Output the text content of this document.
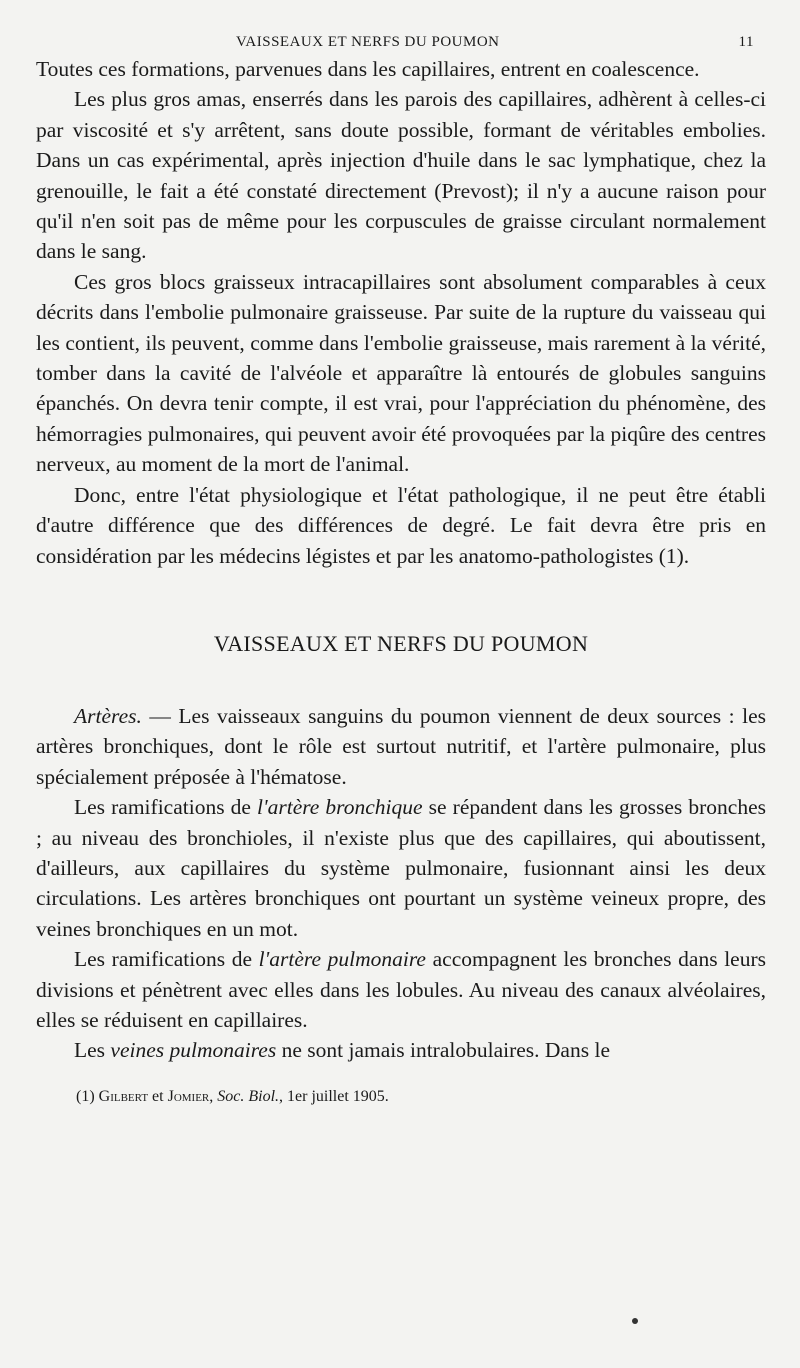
VAISSEAUX ET NERFS DU POUMON	11

Toutes ces formations, parvenues dans les capillaires, entrent en coalescence.

Les plus gros amas, enserrés dans les parois des capillaires, adhèrent à celles-ci par viscosité et s'y arrêtent, sans doute possible, formant de véritables embolies. Dans un cas expérimental, après injection d'huile dans le sac lymphatique, chez la grenouille, le fait a été constaté directement (Prevost); il n'y a aucune raison pour qu'il n'en soit pas de même pour les corpuscules de graisse circulant normalement dans le sang.

Ces gros blocs graisseux intracapillaires sont absolument comparables à ceux décrits dans l'embolie pulmonaire graisseuse. Par suite de la rupture du vaisseau qui les contient, ils peuvent, comme dans l'embolie graisseuse, mais rarement à la vérité, tomber dans la cavité de l'alvéole et apparaître là entourés de globules sanguins épanchés. On devra tenir compte, il est vrai, pour l'appréciation du phénomène, des hémorragies pulmonaires, qui peuvent avoir été provoquées par la piqûre des centres nerveux, au moment de la mort de l'animal.

Donc, entre l'état physiologique et l'état pathologique, il ne peut être établi d'autre différence que des différences de degré. Le fait devra être pris en considération par les médecins légistes et par les anatomo-pathologistes (1).

VAISSEAUX ET NERFS DU POUMON

Artères. — Les vaisseaux sanguins du poumon viennent de deux sources : les artères bronchiques, dont le rôle est surtout nutritif, et l'artère pulmonaire, plus spécialement préposée à l'hématose.

Les ramifications de l'artère bronchique se répandent dans les grosses bronches ; au niveau des bronchioles, il n'existe plus que des capillaires, qui aboutissent, d'ailleurs, aux capillaires du système pulmonaire, fusionnant ainsi les deux circulations. Les artères bronchiques ont pourtant un système veineux propre, des veines bronchiques en un mot.

Les ramifications de l'artère pulmonaire accompagnent les bronches dans leurs divisions et pénètrent avec elles dans les lobules. Au niveau des canaux alvéolaires, elles se réduisent en capillaires.

Les veines pulmonaires ne sont jamais intralobulaires. Dans le

(1) Gilbert et Jomier, Soc. Biol., 1er juillet 1905.
